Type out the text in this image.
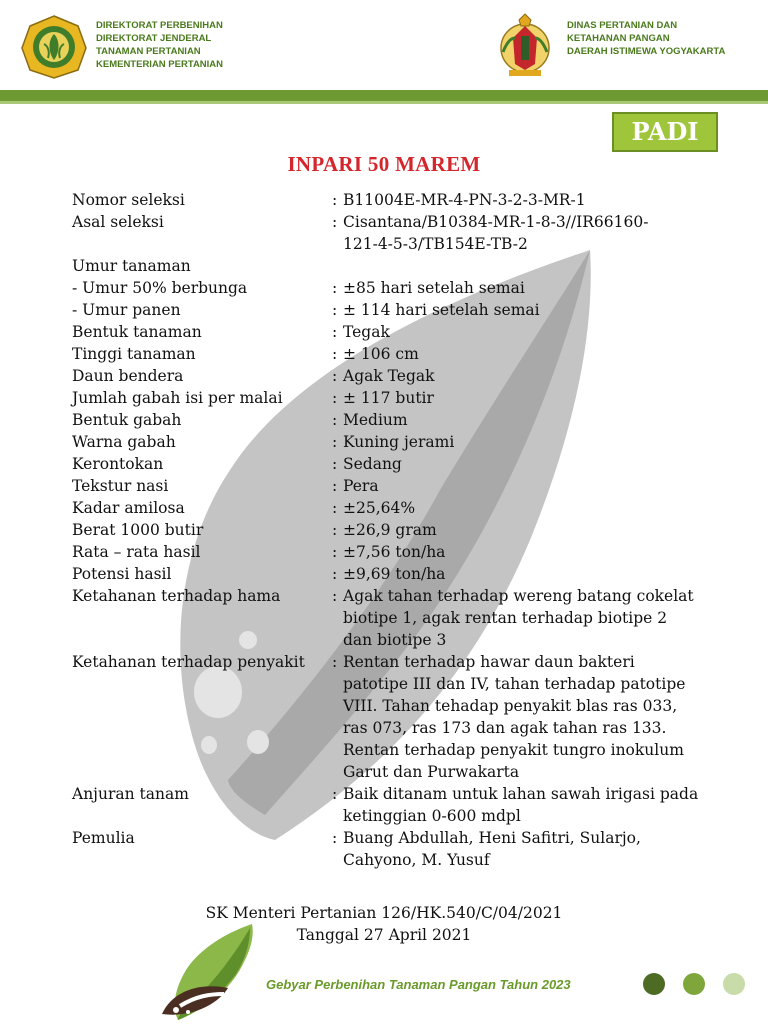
DIREKTORAT PERBENIHAN
DIREKTORAT JENDERAL
TANAMAN PERTANIAN
KEMENTERIAN PERTANIAN
DINAS PERTANIAN DAN
KETAHANAN PANGAN
DAERAH ISTIMEWA YOGYAKARTA
PADI
INPARI 50 MAREM
Nomor seleksi	: B11004E-MR-4-PN-3-2-3-MR-1
Asal seleksi	: Cisantana/B10384-MR-1-8-3//IR66160-
121-4-5-3/TB154E-TB-2
Umur tanaman
- Umur 50% berbunga	: ±85 hari setelah semai
- Umur panen	: ± 114 hari setelah semai
Bentuk tanaman	: Tegak
Tinggi tanaman	: ± 106 cm
Daun bendera	: Agak Tegak
Jumlah gabah isi per malai	: ± 117 butir
Bentuk gabah	: Medium
Warna gabah	: Kuning jerami
Kerontokan	: Sedang
Tekstur nasi	: Pera
Kadar amilosa	: ±25,64%
Berat 1000 butir	: ±26,9 gram
Rata – rata hasil	: ±7,56 ton/ha
Potensi hasil	: ±9,69 ton/ha
Ketahanan terhadap hama	: Agak tahan terhadap wereng batang cokelat
biotipe 1, agak rentan terhadap biotipe 2
dan biotipe 3
Ketahanan terhadap penyakit	: Rentan terhadap hawar daun bakteri
patotipe III dan IV, tahan terhadap patotipe
VIII. Tahan tehadap penyakit blas ras 033,
ras 073, ras 173 dan agak tahan ras 133.
Rentan terhadap penyakit tungro inokulum
Garut dan Purwakarta
Anjuran tanam	: Baik ditanam untuk lahan sawah irigasi pada
ketinggian 0-600 mdpl
Pemulia	: Buang Abdullah, Heni Safitri, Sularjo,
Cahyono, M. Yusuf
SK Menteri Pertanian 126/HK.540/C/04/2021
Tanggal 27 April 2021
Gebyar Perbenihan Tanaman Pangan Tahun 2023
